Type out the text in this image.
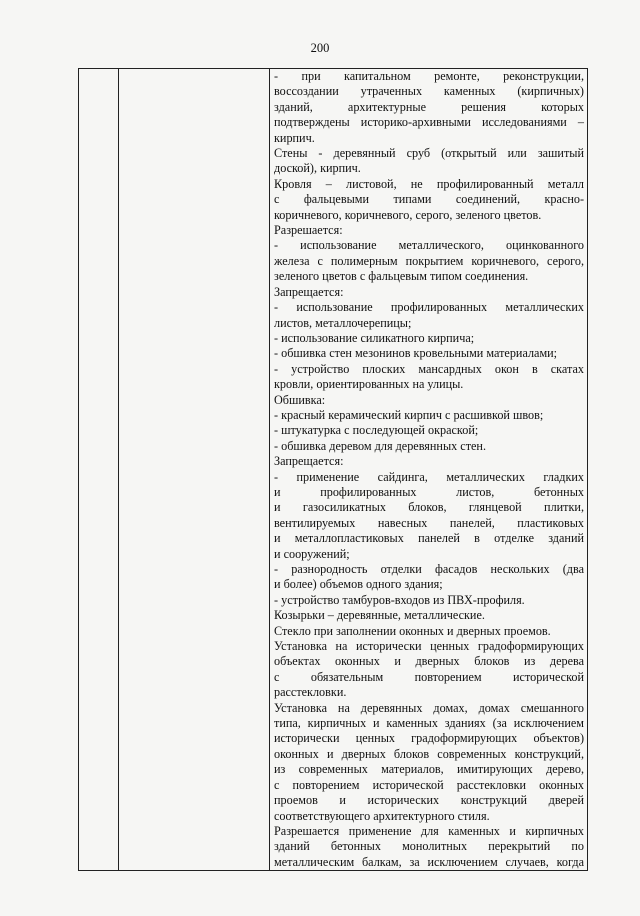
200

- при капитальном ремонте, реконструкции,
воссоздании утраченных каменных (кирпичных)
зданий, архитектурные решения которых
подтверждены историко-архивными исследованиями –
кирпич.
Стены - деревянный сруб (открытый или зашитый
доской), кирпич.
Кровля – листовой, не профилированный металл
с фальцевыми типами соединений, красно-
коричневого, коричневого, серого, зеленого цветов.
Разрешается:
- использование металлического, оцинкованного
железа с полимерным покрытием коричневого, серого,
зеленого цветов с фальцевым типом соединения.
Запрещается:
- использование профилированных металлических
листов, металлочерепицы;
- использование силикатного кирпича;
- обшивка стен мезонинов кровельными материалами;
- устройство плоских мансардных окон в скатах
кровли, ориентированных на улицы.
Обшивка:
- красный керамический кирпич с расшивкой швов;
- штукатурка с последующей окраской;
- обшивка деревом для деревянных стен.
Запрещается:
- применение сайдинга, металлических гладких
и профилированных листов, бетонных
и газосиликатных блоков, глянцевой плитки,
вентилируемых навесных панелей, пластиковых
и металлопластиковых панелей в отделке зданий
и сооружений;
- разнородность отделки фасадов нескольких (два
и более) объемов одного здания;
- устройство тамбуров-входов из ПВХ-профиля.
Козырьки – деревянные, металлические.
Стекло при заполнении оконных и дверных проемов.
Установка на исторически ценных градоформирующих
объектах оконных и дверных блоков из дерева
с обязательным повторением исторической
расстекловки.
Установка на деревянных домах, домах смешанного
типа, кирпичных и каменных зданиях (за исключением
исторически ценных градоформирующих объектов)
оконных и дверных блоков современных конструкций,
из современных материалов, имитирующих дерево,
с повторением исторической расстекловки оконных
проемов и исторических конструкций дверей
соответствующего архитектурного стиля.
Разрешается применение для каменных и кирпичных
зданий бетонных монолитных перекрытий по
металлическим балкам, за исключением случаев, когда
